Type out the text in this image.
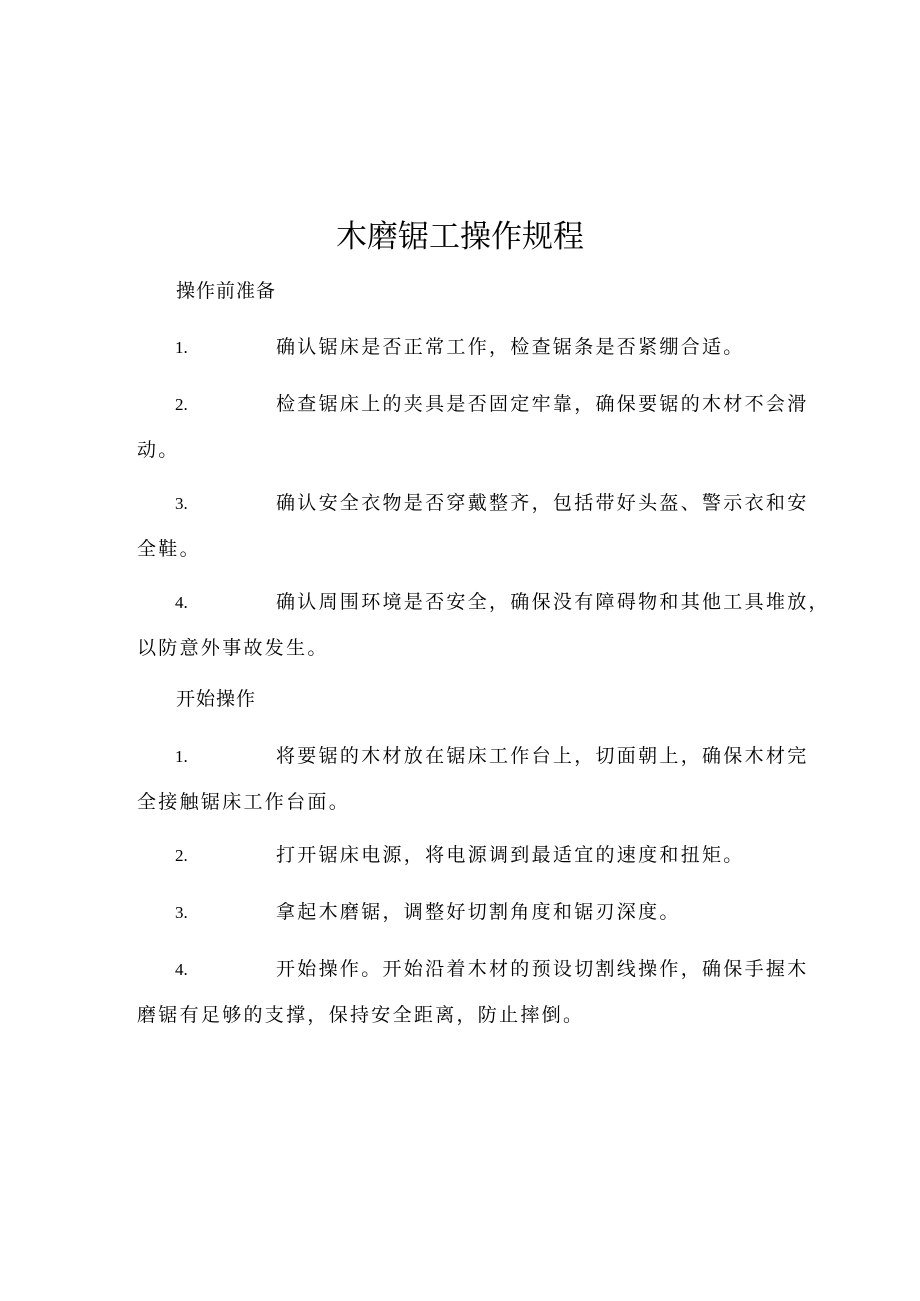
木磨锯工操作规程
操作前准备
1.	确认锯床是否正常工作，检查锯条是否紧绷合适。
2.	检查锯床上的夹具是否固定牢靠，确保要锯的木材不会滑
动。
3.	确认安全衣物是否穿戴整齐，包括带好头盔、警示衣和安
全鞋。
4.	确认周围环境是否安全，确保没有障碍物和其他工具堆放，
以防意外事故发生。
开始操作
1.	将要锯的木材放在锯床工作台上，切面朝上，确保木材完
全接触锯床工作台面。
2.	打开锯床电源，将电源调到最适宜的速度和扭矩。
3.	拿起木磨锯，调整好切割角度和锯刃深度。
4.	开始操作。开始沿着木材的预设切割线操作，确保手握木
磨锯有足够的支撑，保持安全距离，防止摔倒。
